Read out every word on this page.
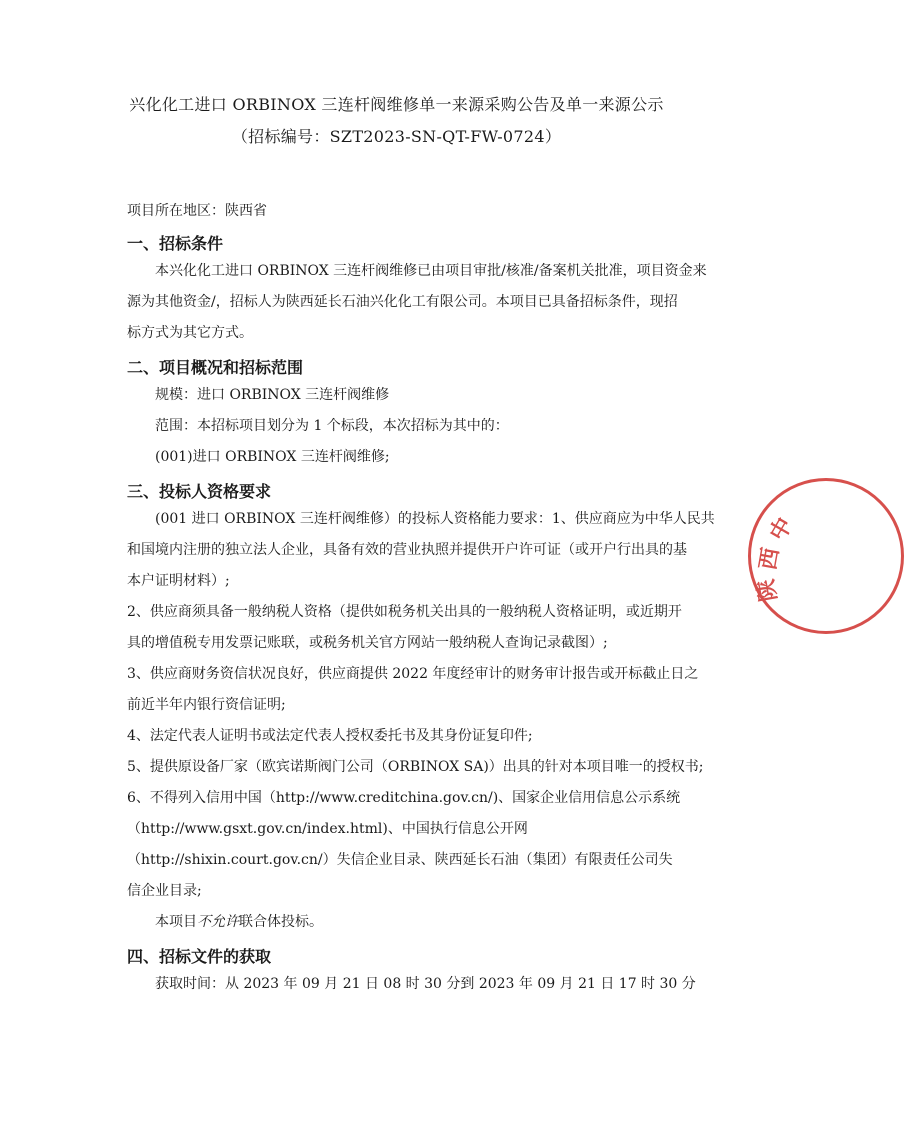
兴化化工进口 ORBINOX 三连杆阀维修单一来源采购公告及单一来源公示
（招标编号：SZT2023-SN-QT-FW-0724）
项目所在地区：陕西省
一、招标条件
本兴化化工进口 ORBINOX 三连杆阀维修已由项目审批/核准/备案机关批准，项目资金来
源为其他资金/，招标人为陕西延长石油兴化化工有限公司。本项目已具备招标条件，现招
标方式为其它方式。
二、项目概况和招标范围
规模：进口 ORBINOX 三连杆阀维修
范围：本招标项目划分为 1 个标段，本次招标为其中的：
(001)进口 ORBINOX 三连杆阀维修;
三、投标人资格要求
(001 进口 ORBINOX 三连杆阀维修）的投标人资格能力要求：1、供应商应为中华人民共
和国境内注册的独立法人企业，具备有效的营业执照并提供开户许可证（或开户行出具的基
本户证明材料）;
2、供应商须具备一般纳税人资格（提供如税务机关出具的一般纳税人资格证明，或近期开
具的增值税专用发票记账联，或税务机关官方网站一般纳税人查询记录截图）;
3、供应商财务资信状况良好，供应商提供 2022 年度经审计的财务审计报告或开标截止日之
前近半年内银行资信证明;
4、法定代表人证明书或法定代表人授权委托书及其身份证复印件;
5、提供原设备厂家（欧宾诺斯阀门公司（ORBINOX SA)）出具的针对本项目唯一的授权书;
6、不得列入信用中国（http://www.creditchina.gov.cn/)、国家企业信用信息公示系统
（http://www.gsxt.gov.cn/index.html)、中国执行信息公开网
（http://shixin.court.gov.cn/）失信企业目录、陕西延长石油（集团）有限责任公司失
信企业目录;
本项目不允许联合体投标。
四、招标文件的获取
获取时间：从 2023 年 09 月 21 日 08 时 30 分到 2023 年 09 月 21 日 17 时 30 分
中
西
陕
